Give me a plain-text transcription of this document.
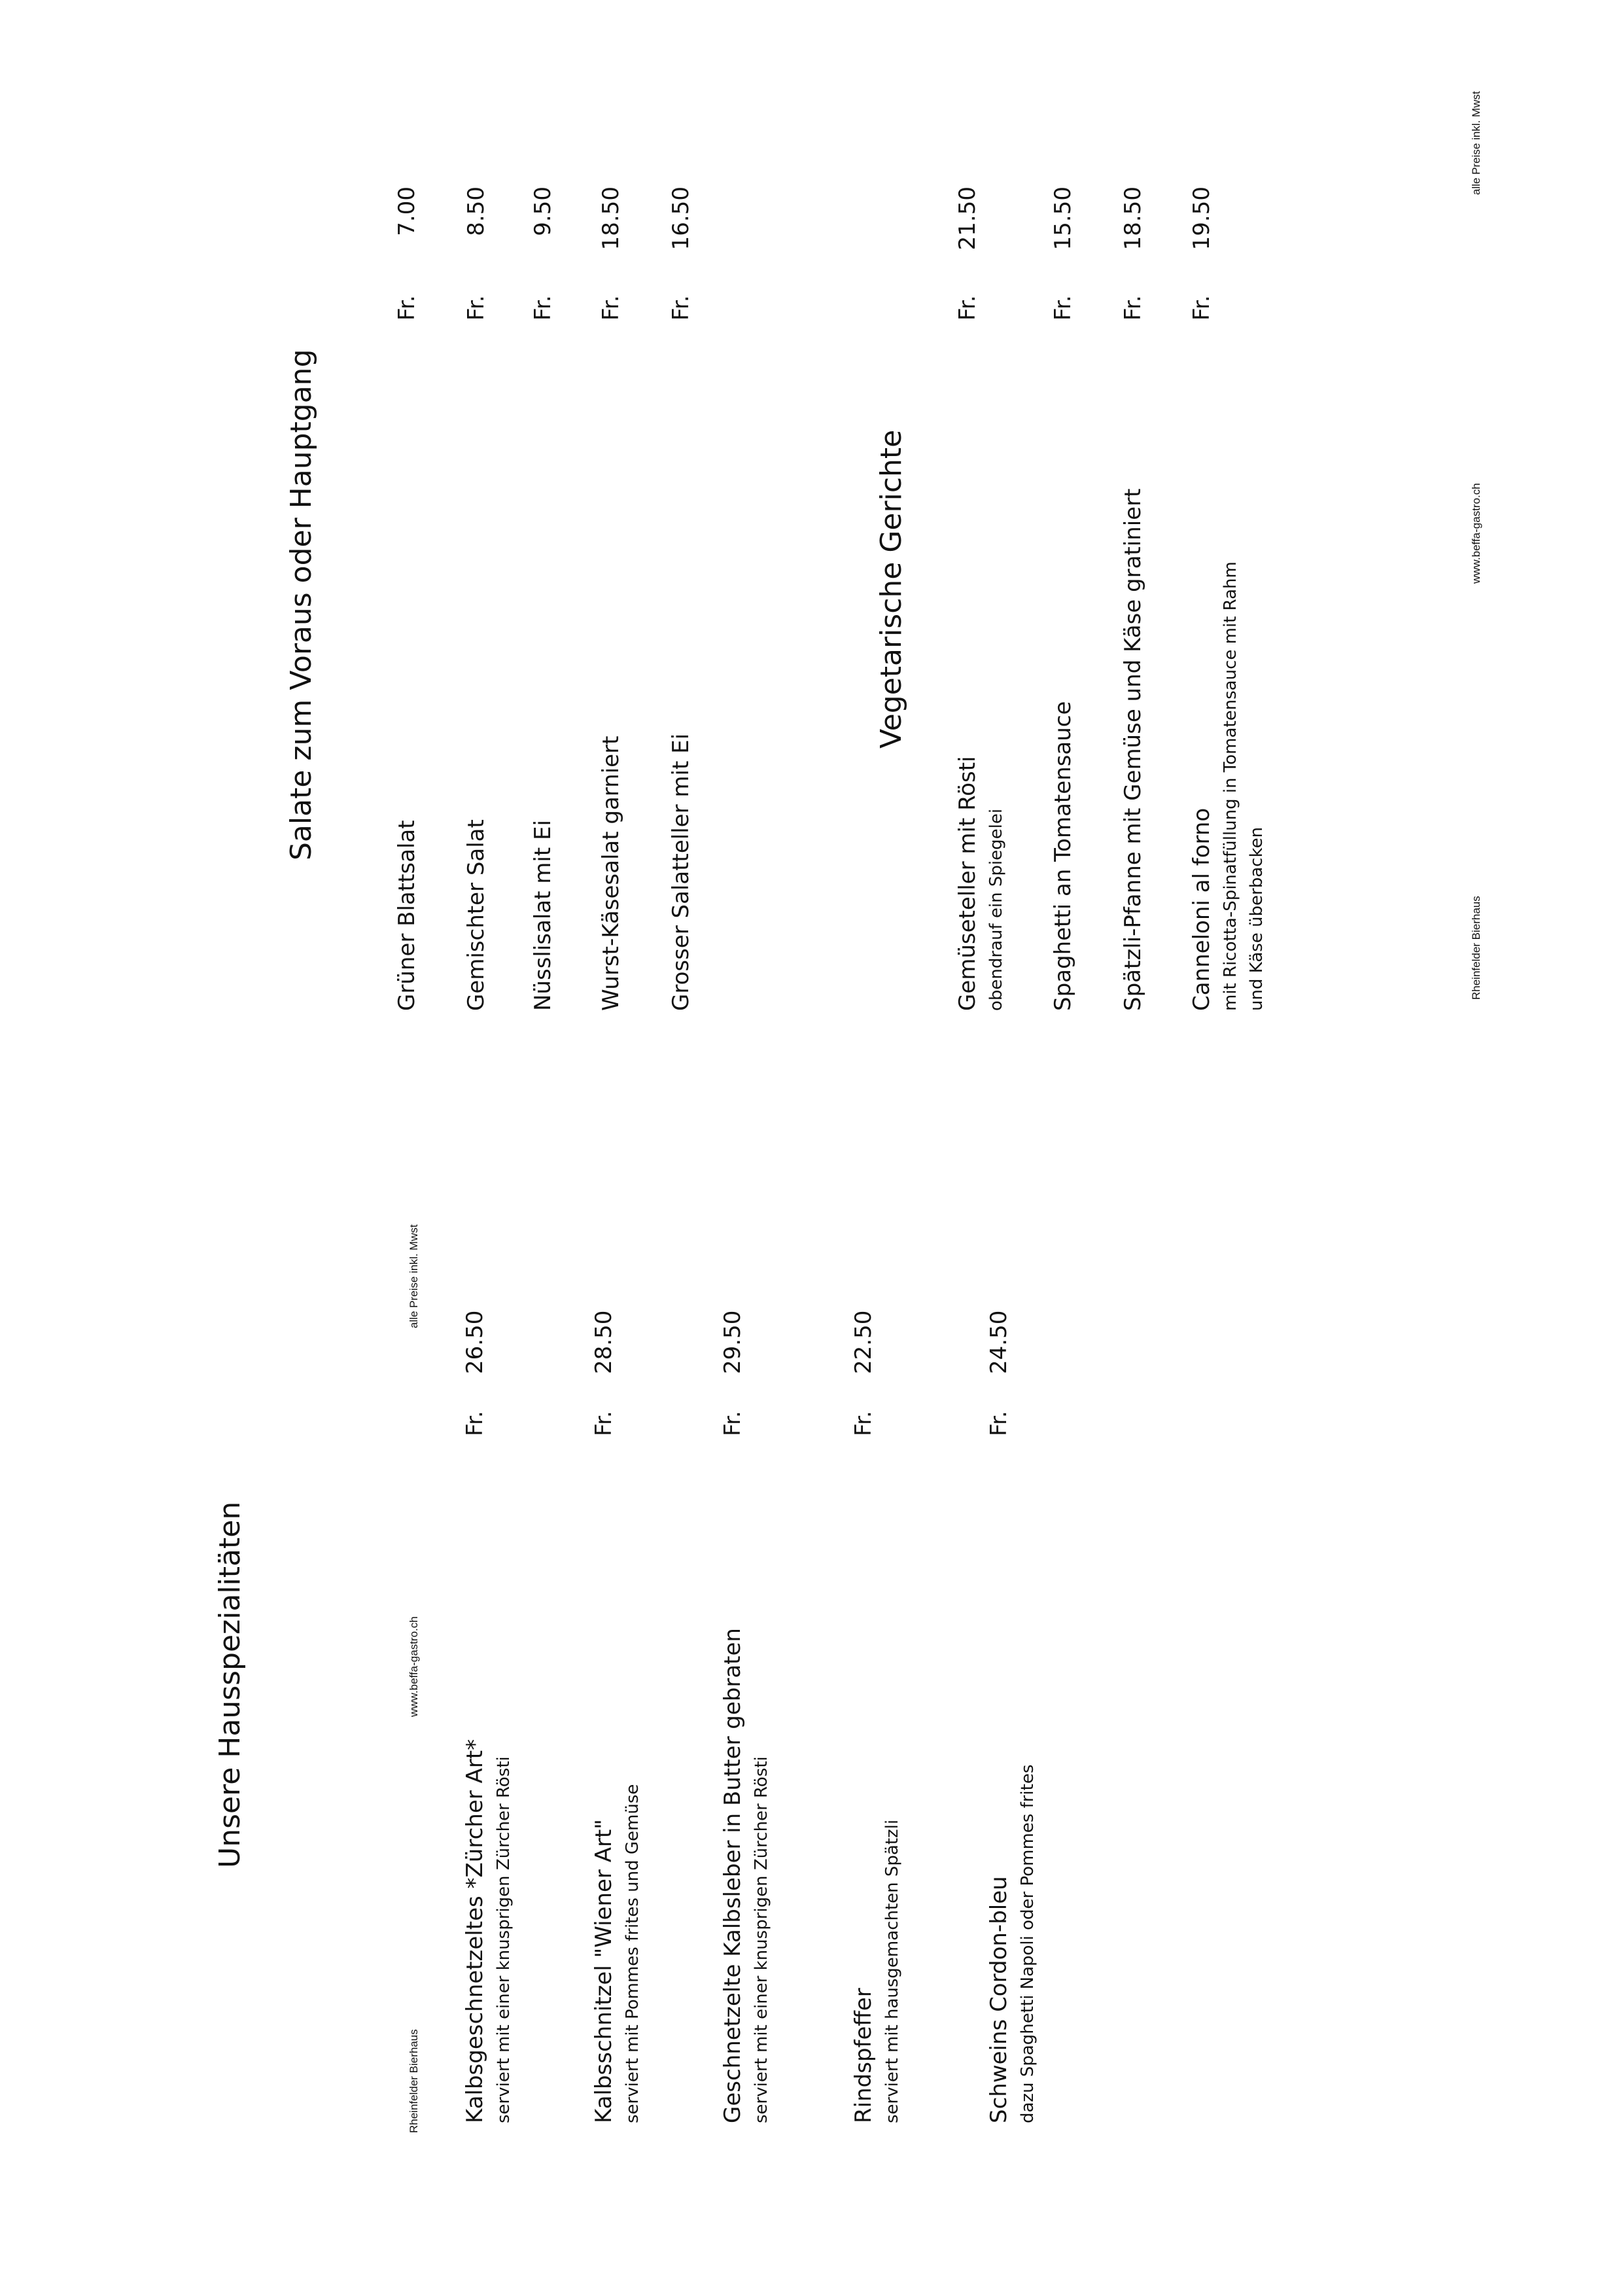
Unsere Hausspezialitäten
Kalbsgeschnetzeltes *Zürcher Art* serviert mit einer knusprigen Zürcher Rösti
Fr.26.50
Kalbsschnitzel "Wiener Art" serviert mit Pommes frites und Gemüse
Fr.28.50
Geschnetzelte Kalbsleber in Butter gebraten serviert mit einer knusprigen Zürcher Rösti
Fr.29.50
Rindspfeffer serviert mit hausgemachten Spätzli
Fr.22.50
Schweins Cordon-bleu dazu Spaghetti Napoli oder Pommes frites
Fr.24.50
Rheinfelder Bierhaus
www.beffa-gastro.ch
alle Preise inkl. Mwst
Salate zum Voraus oder Hauptgang
Grüner Blattsalat
Fr.7.00
Gemischter Salat
Fr.8.50
Nüsslisalat mit Ei
Fr.9.50
Wurst-Käsesalat garniert
Fr.18.50
Grosser Salatteller mit Ei
Fr.16.50
Vegetarische Gerichte
Gemüseteller mit Rösti obendrauf ein Spiegelei
Fr.21.50
Spaghetti an Tomatensauce
Fr.15.50
Spätzli-Pfanne mit Gemüse und Käse gratiniert
Fr.18.50
Canneloni al forno mit Ricotta-Spinatfüllung in Tomatensauce mit Rahm und Käse überbacken
Fr.19.50
Rheinfelder Bierhaus
www.beffa-gastro.ch
alle Preise inkl. Mwst
